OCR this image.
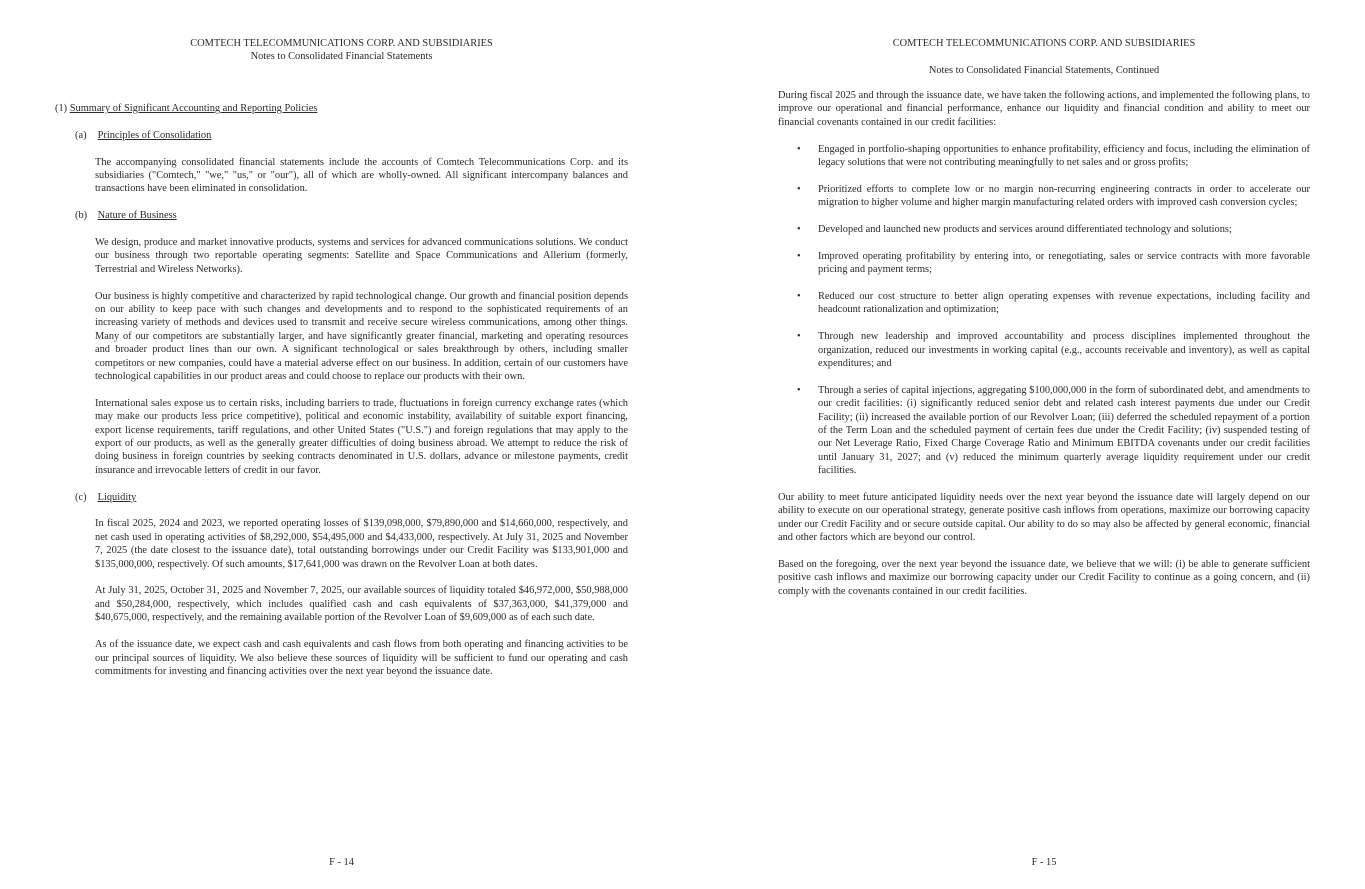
COMTECH TELECOMMUNICATIONS CORP. AND SUBSIDIARIES
Notes to Consolidated Financial Statements

(1) Summary of Significant Accounting and Reporting Policies

(a) Principles of Consolidation

The accompanying consolidated financial statements include the accounts of Comtech Telecommunications Corp. and its subsidiaries ("Comtech," "we," "us," or "our"), all of which are wholly-owned. All significant intercompany balances and transactions have been eliminated in consolidation.

(b) Nature of Business

We design, produce and market innovative products, systems and services for advanced communications solutions. We conduct our business through two reportable operating segments: Satellite and Space Communications and Allerium (formerly, Terrestrial and Wireless Networks).

Our business is highly competitive and characterized by rapid technological change. Our growth and financial position depends on our ability to keep pace with such changes and developments and to respond to the sophisticated requirements of an increasing variety of methods and devices used to transmit and receive secure wireless communications, among other things. Many of our competitors are substantially larger, and have significantly greater financial, marketing and operating resources and broader product lines than our own. A significant technological or sales breakthrough by others, including smaller competitors or new companies, could have a material adverse effect on our business. In addition, certain of our customers have technological capabilities in our product areas and could choose to replace our products with their own.

International sales expose us to certain risks, including barriers to trade, fluctuations in foreign currency exchange rates (which may make our products less price competitive), political and economic instability, availability of suitable export financing, export license requirements, tariff regulations, and other United States ("U.S.") and foreign regulations that may apply to the export of our products, as well as the generally greater difficulties of doing business abroad. We attempt to reduce the risk of doing business in foreign countries by seeking contracts denominated in U.S. dollars, advance or milestone payments, credit insurance and irrevocable letters of credit in our favor.

(c) Liquidity

In fiscal 2025, 2024 and 2023, we reported operating losses of $139,098,000, $79,890,000 and $14,660,000, respectively, and net cash used in operating activities of $8,292,000, $54,495,000 and $4,433,000, respectively. At July 31, 2025 and November 7, 2025 (the date closest to the issuance date), total outstanding borrowings under our Credit Facility was $133,901,000 and $135,000,000, respectively. Of such amounts, $17,641,000 was drawn on the Revolver Loan at both dates.

At July 31, 2025, October 31, 2025 and November 7, 2025, our available sources of liquidity totaled $46,972,000, $50,988,000 and $50,284,000, respectively, which includes qualified cash and cash equivalents of $37,363,000, $41,379,000 and $40,675,000, respectively, and the remaining available portion of the Revolver Loan of $9,609,000 as of each such date.

As of the issuance date, we expect cash and cash equivalents and cash flows from both operating and financing activities to be our principal sources of liquidity. We also believe these sources of liquidity will be sufficient to fund our operating and cash commitments for investing and financing activities over the next year beyond the issuance date.

F - 14
COMTECH TELECOMMUNICATIONS CORP. AND SUBSIDIARIES
Notes to Consolidated Financial Statements, Continued

During fiscal 2025 and through the issuance date, we have taken the following actions, and implemented the following plans, to improve our operational and financial performance, enhance our liquidity and financial condition and ability to meet our financial covenants contained in our credit facilities:

• Engaged in portfolio-shaping opportunities to enhance profitability, efficiency and focus, including the elimination of legacy solutions that were not contributing meaningfully to net sales and or gross profits;

• Prioritized efforts to complete low or no margin non-recurring engineering contracts in order to accelerate our migration to higher volume and higher margin manufacturing related orders with improved cash conversion cycles;

• Developed and launched new products and services around differentiated technology and solutions;

• Improved operating profitability by entering into, or renegotiating, sales or service contracts with more favorable pricing and payment terms;

• Reduced our cost structure to better align operating expenses with revenue expectations, including facility and headcount rationalization and optimization;

• Through new leadership and improved accountability and process disciplines implemented throughout the organization, reduced our investments in working capital (e.g., accounts receivable and inventory), as well as capital expenditures; and

• Through a series of capital injections, aggregating $100,000,000 in the form of subordinated debt, and amendments to our credit facilities: (i) significantly reduced senior debt and related cash interest payments due under our Credit Facility; (ii) increased the available portion of our Revolver Loan; (iii) deferred the scheduled repayment of a portion of the Term Loan and the scheduled payment of certain fees due under the Credit Facility; (iv) suspended testing of our Net Leverage Ratio, Fixed Charge Coverage Ratio and Minimum EBITDA covenants under our credit facilities until January 31, 2027; and (v) reduced the minimum quarterly average liquidity requirement under our credit facilities.

Our ability to meet future anticipated liquidity needs over the next year beyond the issuance date will largely depend on our ability to execute on our operational strategy, generate positive cash inflows from operations, maximize our borrowing capacity under our Credit Facility and or secure outside capital. Our ability to do so may also be affected by general economic, financial and other factors which are beyond our control.

Based on the foregoing, over the next year beyond the issuance date, we believe that we will: (i) be able to generate sufficient positive cash inflows and maximize our borrowing capacity under our Credit Facility to continue as a going concern, and (ii) comply with the covenants contained in our credit facilities.

F - 15
